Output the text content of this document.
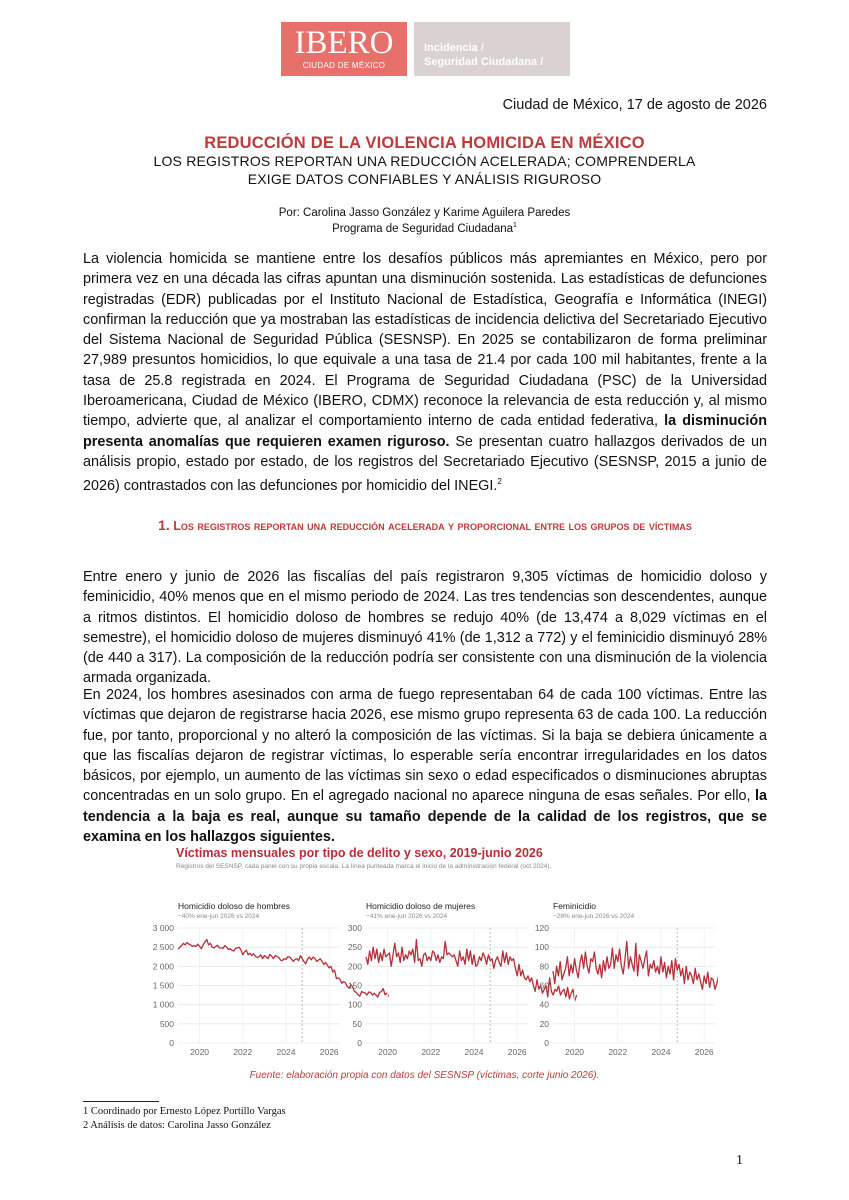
IBERO
CIUDAD DE MÉXICO
Incidencia /
Seguridad Ciudadana /
Ciudad de México, 17 de agosto de 2026
REDUCCIÓN DE LA VIOLENCIA HOMICIDA EN MÉXICO
LOS REGISTROS REPORTAN UNA REDUCCIÓN ACELERADA; COMPRENDERLA
EXIGE DATOS CONFIABLES Y ANÁLISIS RIGUROSO
Por: Carolina Jasso González y Karime Aguilera Paredes
Programa de Seguridad Ciudadana$^1$

La violencia homicida se mantiene entre los desafíos públicos más apremiantes en México, pero por primera vez en una década las cifras apuntan una disminución sostenida. Las estadísticas de defunciones registradas (EDR) publicadas por el Instituto Nacional de Estadística, Geografía e Informática (INEGI) confirman la reducción que ya mostraban las estadísticas de incidencia delictiva del Secretariado Ejecutivo del Sistema Nacional de Seguridad Pública (SESNSP). En 2025 se contabilizaron de forma preliminar 27,989 presuntos homicidios, lo que equivale a una tasa de 21.4 por cada 100 mil habitantes, frente a la tasa de 25.8 registrada en 2024. El Programa de Seguridad Ciudadana (PSC) de la Universidad Iberoamericana, Ciudad de México (IBERO, CDMX) reconoce la relevancia de esta reducción y, al mismo tiempo, advierte que, al analizar el comportamiento interno de cada entidad federativa, la disminución presenta anomalías que requieren examen riguroso. Se presentan cuatro hallazgos derivados de un análisis propio, estado por estado, de los registros del Secretariado Ejecutivo (SESNSP, 2015 a junio de 2026) contrastados con las defunciones por homicidio del INEGI.$^2$

1. Los registros reportan una reducción acelerada y proporcional entre los grupos de víctimas

Entre enero y junio de 2026 las fiscalías del país registraron 9,305 víctimas de homicidio doloso y feminicidio, 40% menos que en el mismo periodo de 2024. Las tres tendencias son descendentes, aunque a ritmos distintos. El homicidio doloso de hombres se redujo 40% (de 13,474 a 8,029 víctimas en el semestre), el homicidio doloso de mujeres disminuyó 41% (de 1,312 a 772) y el feminicidio disminuyó 28% (de 440 a 317). La composición de la reducción podría ser consistente con una disminución de la violencia armada organizada.

En 2024, los hombres asesinados con arma de fuego representaban 64 de cada 100 víctimas. Entre las víctimas que dejaron de registrarse hacia 2026, ese mismo grupo representa 63 de cada 100. La reducción fue, por tanto, proporcional y no alteró la composición de las víctimas. Si la baja se debiera únicamente a que las fiscalías dejaron de registrar víctimas, lo esperable sería encontrar irregularidades en los datos básicos, por ejemplo, un aumento de las víctimas sin sexo o edad especificados o disminuciones abruptas concentradas en un solo grupo. En el agregado nacional no aparece ninguna de esas señales. Por ello, la tendencia a la baja es real, aunque su tamaño depende de la calidad de los registros, que se examina en los hallazgos siguientes.

Víctimas mensuales por tipo de delito y sexo, 2019-junio 2026
Registros del SESNSP, cada panel con su propia escala. La línea punteada marca el inicio de la administración federal (oct 2024).
Homicidio doloso de hombres
−40% ene-jun 2026 vs 2024
0
500
1 000
1 500
2 000
2 500
3 000
2020	2022	2024	2026
Homicidio doloso de mujeres
−41% ene-jun 2026 vs 2024
0
50
100
150
200
250
300
2020	2022	2024	2026
Feminicidio
−28% ene-jun 2026 vs 2024
0
20
40
60
80
100
120
2020	2022	2024	2026
Fuente: elaboración propia con datos del SESNSP (víctimas, corte junio 2026).
1 Coordinado por Ernesto López Portillo Vargas
2 Análisis de datos: Carolina Jasso González
1
